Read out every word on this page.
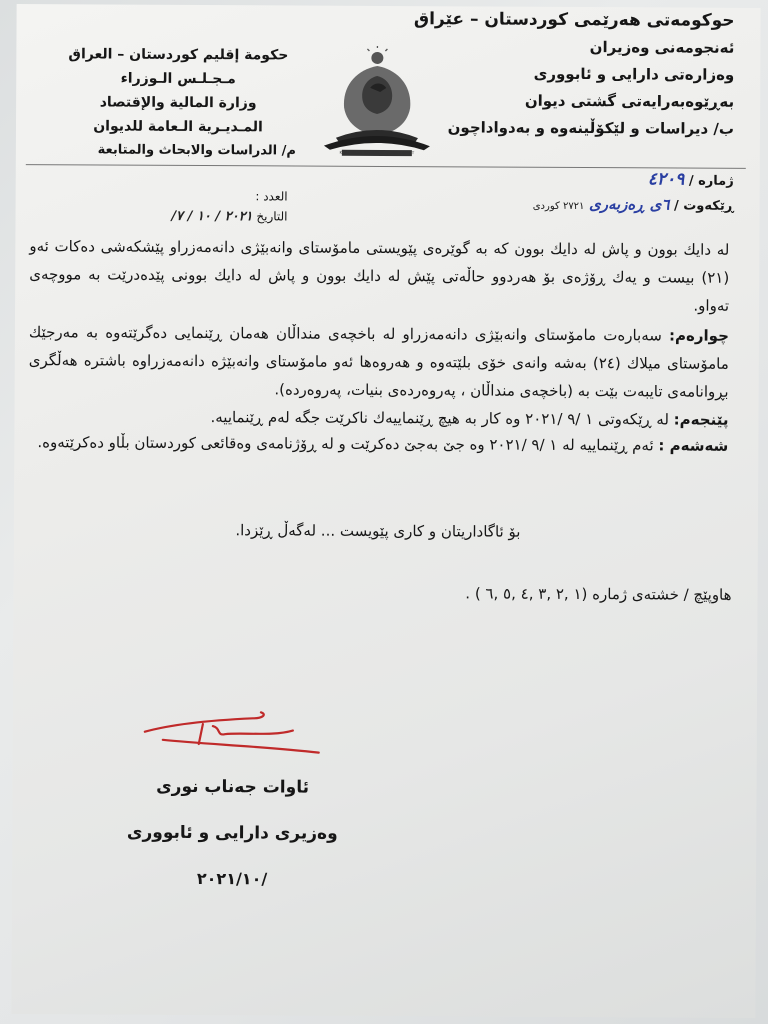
حوكومەتی هەرێمی كوردستان – عێراق
ئەنجومەنی وەزیران
وەزارەتی دارایی و ئابووری
بەڕێوەبەرایەتی گشتی دیوان
ب/ دیراسات و لێكۆڵینەوە و بەدواداچون
KURDISTAN REGIONAL GOVERNMENT
حكومة إقليم كوردستان – العراق
مـجـلـس الـوزراء
وزارة المالية والإقتصاد
المـديـرية الـعامة للديوان
م/ الدراسات والابحاث والمتابعة
ژمارە / ٤٢٠٩
ڕێکەوت / ٦ی ڕەزبەری ٢٧٢١ كوردی
العدد :
التاريخ ٢٠٢١ / ١٠ / ٧/
لە دایك بوون و پاش لە دایك بوون كە بە گوێرەی پێویستی مامۆستای وانەبێژی دانەمەزراو پێشكەشی دەكات ئەو (٢١) بیست و یەك ڕۆژەی بۆ هەردوو حاڵەتی پێش لە دایك بوون و پاش لە دایك بوونی پێدەدرێت بە مووچەی تەواو.
چوارەم: سەبارەت مامۆستای وانەبێژی دانەمەزراو لە باخچەی منداڵان هەمان ڕێنمایی دەگرێتەوە بە مەرجێك مامۆستای میلاك (٢٤) بەشە وانەی خۆی بلێتەوە و هەروەها ئەو مامۆستای وانەبێژە دانەمەزراوە باشترە هەڵگری بڕوانامەی تایبەت بێت بە (باخچەی منداڵان ، پەروەردەی بنیات، پەروەردە).
پێنجەم: لە ڕێكەوتی ١ /٩ /٢٠٢١ وە كار بە هیچ ڕێنماییەك ناكرێت جگە لەم ڕێنماییە.
شەشەم : ئەم ڕێنماییە لە ١ /٩ /٢٠٢١ وە جێ بەجێ دەكرێت و لە ڕۆژنامەی وەقائعی كوردستان بڵاو دەكرێتەوە.
بۆ ئاگاداریتان و كاری پێویست ... لەگەڵ ڕێزدا.
هاوپێچ / خشتەی ژمارە (١ ,٢ ,٣ ,٤ ,٥ ,٦ ) .
ئاوات جەناب نوری
وەزیری دارایی و ئابووری
٢٠٢١/١٠/
